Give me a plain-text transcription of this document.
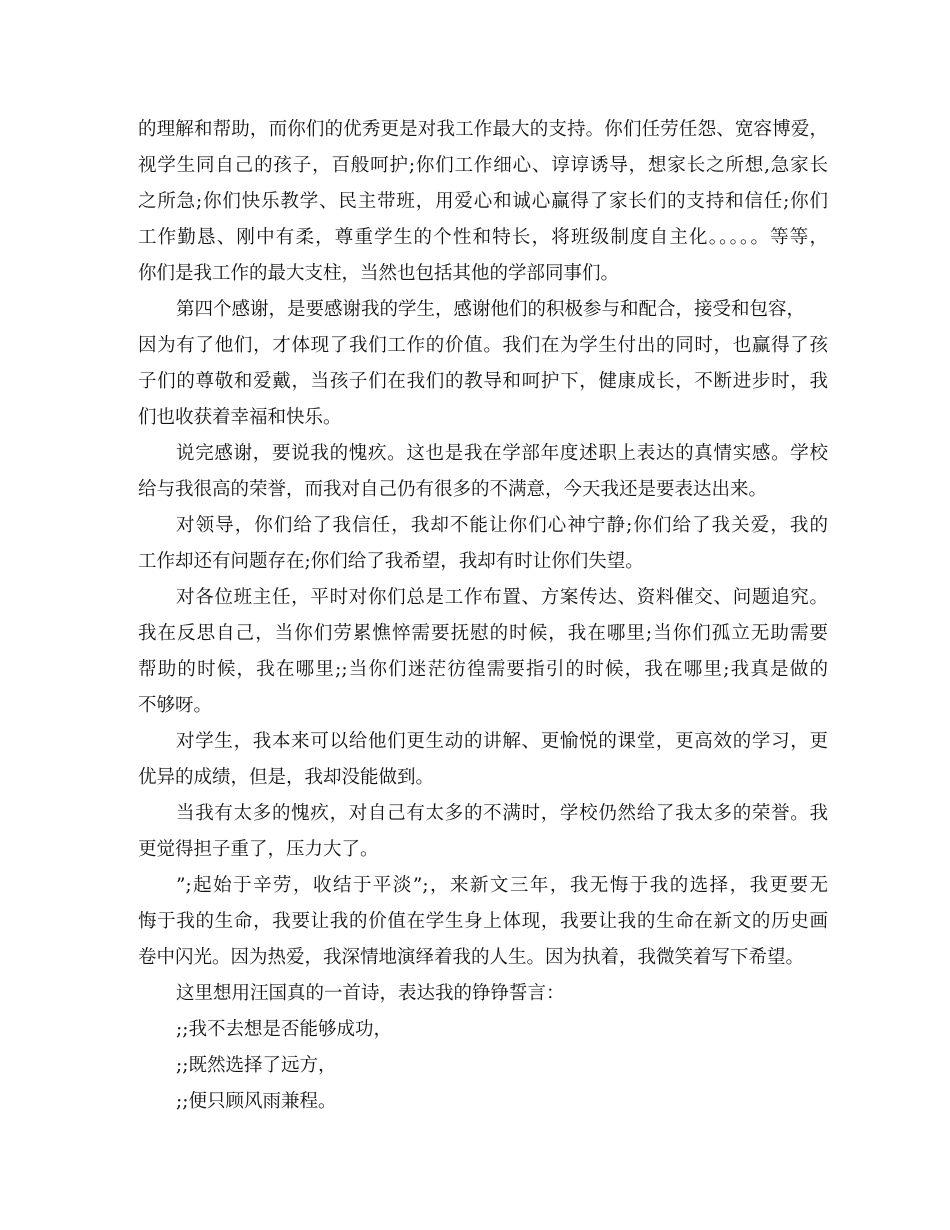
的理解和帮助，而你们的优秀更是对我工作最大的支持。你们任劳任怨、宽容博爱，
视学生同自己的孩子，百般呵护;你们工作细心、谆谆诱导，想家长之所想,急家长
之所急;你们快乐教学、民主带班，用爱心和诚心赢得了家长们的支持和信任;你们
工作勤恳、刚中有柔，尊重学生的个性和特长，将班级制度自主化。。。。。等等，
你们是我工作的最大支柱，当然也包括其他的学部同事们。
第四个感谢，是要感谢我的学生，感谢他们的积极参与和配合，接受和包容，
因为有了他们，才体现了我们工作的价值。我们在为学生付出的同时，也赢得了孩
子们的尊敬和爱戴，当孩子们在我们的教导和呵护下，健康成长，不断进步时，我
们也收获着幸福和快乐。
说完感谢，要说我的愧疚。这也是我在学部年度述职上表达的真情实感。学校
给与我很高的荣誉，而我对自己仍有很多的不满意，今天我还是要表达出来。
对领导，你们给了我信任，我却不能让你们心神宁静;你们给了我关爱，我的
工作却还有问题存在;你们给了我希望，我却有时让你们失望。
对各位班主任，平时对你们总是工作布置、方案传达、资料催交、问题追究。
我在反思自己，当你们劳累憔悴需要抚慰的时候，我在哪里;当你们孤立无助需要
帮助的时候，我在哪里;;当你们迷茫彷徨需要指引的时候，我在哪里;我真是做的
不够呀。
对学生，我本来可以给他们更生动的讲解、更愉悦的课堂，更高效的学习，更
优异的成绩，但是，我却没能做到。
当我有太多的愧疚，对自己有太多的不满时，学校仍然给了我太多的荣誉。我
更觉得担子重了，压力大了。
”;起始于辛劳，收结于平淡”;，来新文三年，我无悔于我的选择，我更要无
悔于我的生命，我要让我的价值在学生身上体现，我要让我的生命在新文的历史画
卷中闪光。因为热爱，我深情地演绎着我的人生。因为执着，我微笑着写下希望。
这里想用汪国真的一首诗，表达我的铮铮誓言：
;;我不去想是否能够成功，
;;既然选择了远方，
;;便只顾风雨兼程。
